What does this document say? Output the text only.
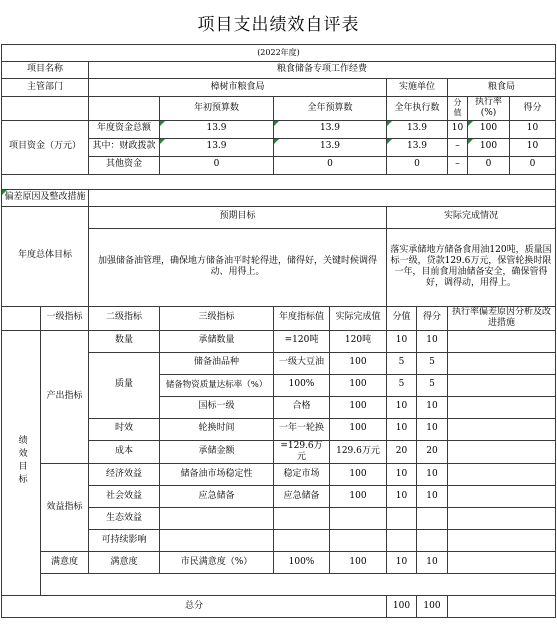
项目支出绩效自评表
(2022年度)										
项目名称		粮食储备专项工作经费								
主管部门		樟树市粮食局				实施单位		粮食局		
			年初预算数	全年预算数		全年执行数		分值	执行率(%)	得分
项目资金（万元）		年度资金总额	13.9	13.9		13.9		10	100	10
		其中：财政拨款	13.9	13.9		13.9		–	100	10
		其他资金	0	0		0		–	0	0

偏差原因及整改措施										
年度总体目标		预期目标				实际完成情况				
		加强储备油管理，确保地方储备油平时轮得进，储得好，关键时候调得动、用得上。				落实承储地方储备食用油120吨，质量国标一级，贷款129.6万元，保管轮换时限一年，目前食用油储备安全，确保管得好，调得动，用得上。				
	一级指标	二级指标	三级指标	年度指标值	实际完成值	分值	得分	执行率偏差原因分析及改进措施		
绩效目标	产出指标	数量	承储数量	=120吨	120吨	10	10			
		质量	储备油品种	一级大豆油	100	5	5			
			储备物资质量达标率（%）	100%	100	5	5			
			国标一级	合格	100	10	10			
		时效	轮换时间	一年一轮换	100	10	10			
		成本	承储金额	=129.6万元	129.6万元	20	20			
	效益指标	经济效益	储备油市场稳定性	稳定市场	100	10	10			
		社会效益	应急储备	应急储备	100	10	10			
		生态效益								
		可持续影响								
	满意度	满意度	市民满意度（%）	100%	100	10	10			

总分						100	100			
